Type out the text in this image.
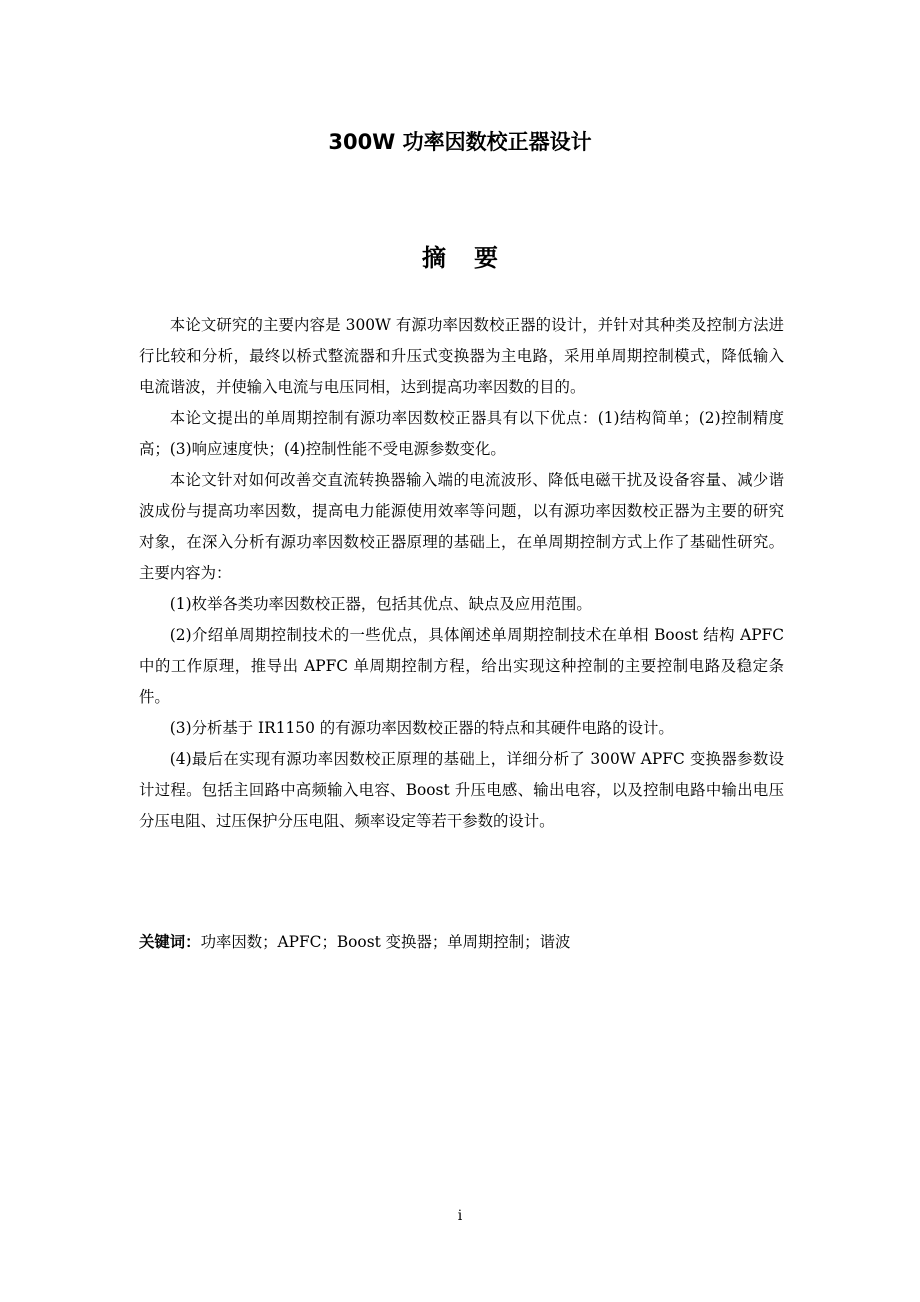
300W 功率因数校正器设计
摘要

本论文研究的主要内容是 300W 有源功率因数校正器的设计，并针对其种类及控制方法进行比较和分析，最终以桥式整流器和升压式变换器为主电路，采用单周期控制模式，降低输入电流谐波，并使输入电流与电压同相，达到提高功率因数的目的。

本论文提出的单周期控制有源功率因数校正器具有以下优点：(1)结构简单；(2)控制精度高；(3)响应速度快；(4)控制性能不受电源参数变化。

本论文针对如何改善交直流转换器输入端的电流波形、降低电磁干扰及设备容量、减少谐波成份与提高功率因数，提高电力能源使用效率等问题，以有源功率因数校正器为主要的研究对象，在深入分析有源功率因数校正器原理的基础上，在单周期控制方式上作了基础性研究。主要内容为：

(1)枚举各类功率因数校正器，包括其优点、缺点及应用范围。

(2)介绍单周期控制技术的一些优点，具体阐述单周期控制技术在单相 Boost 结构 APFC 中的工作原理，推导出 APFC 单周期控制方程，给出实现这种控制的主要控制电路及稳定条件。

(3)分析基于 IR1150 的有源功率因数校正器的特点和其硬件电路的设计。

(4)最后在实现有源功率因数校正原理的基础上，详细分析了 300W APFC 变换器参数设计过程。包括主回路中高频输入电容、Boost 升压电感、输出电容，以及控制电路中输出电压分压电阻、过压保护分压电阻、频率设定等若干参数的设计。

关键词：功率因数；APFC；Boost 变换器；单周期控制；谐波

i
